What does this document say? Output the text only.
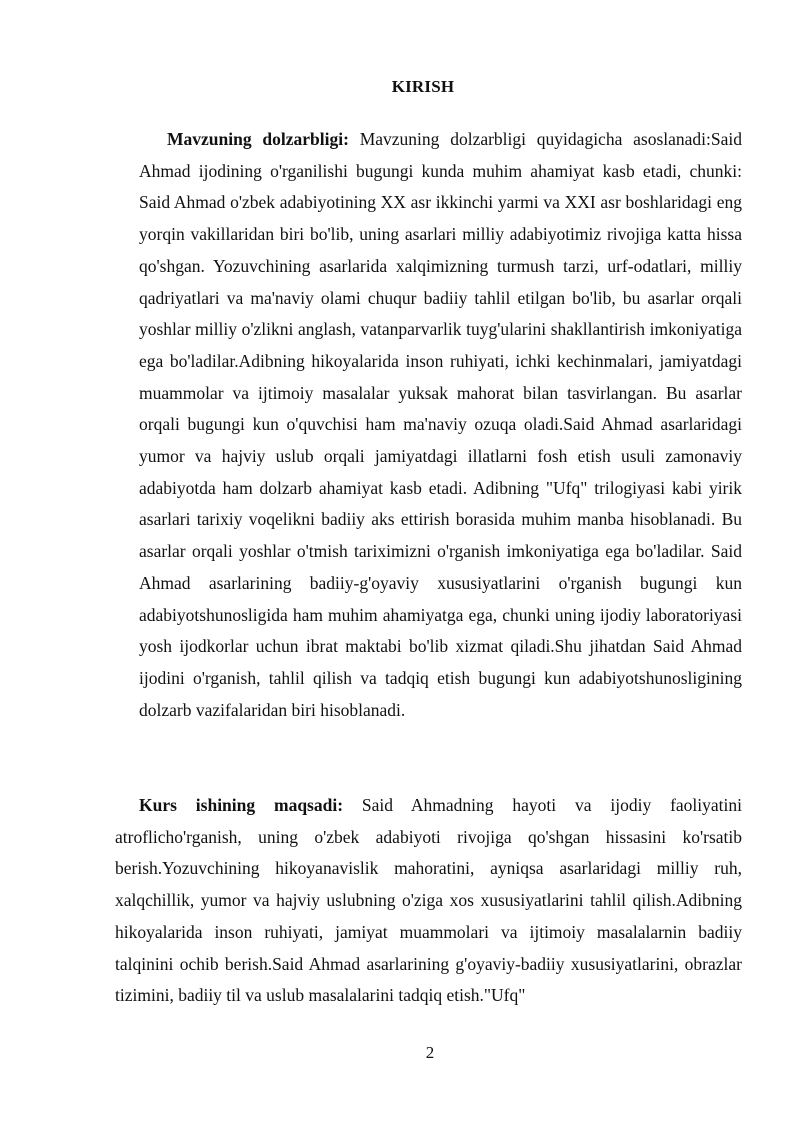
KIRISH

Mavzuning dolzarbligi: Mavzuning dolzarbligi quyidagicha asoslanadi:Said Ahmad ijodining o'rganilishi bugungi kunda muhim ahamiyat kasb etadi, chunki: Said Ahmad o'zbek adabiyotining XX asr ikkinchi yarmi va XXI asr boshlaridagi eng yorqin vakillaridan biri bo'lib, uning asarlari milliy adabiyotimiz rivojiga katta hissa qo'shgan. Yozuvchining asarlarida xalqimizning turmush tarzi, urf-odatlari, milliy qadriyatlari va ma'naviy olami chuqur badiiy tahlil etilgan bo'lib, bu asarlar orqali yoshlar milliy o'zlikni anglash, vatanparvarlik tuyg'ularini shakllantirish imkoniyatiga ega bo'ladilar.Adibning hikoyalarida inson ruhiyati, ichki kechinmalari, jamiyatdagi muammolar va ijtimoiy masalalar yuksak mahorat bilan tasvirlangan. Bu asarlar orqali bugungi kun o'quvchisi ham ma'naviy ozuqa oladi.Said Ahmad asarlaridagi yumor va hajviy uslub orqali jamiyatdagi illatlarni fosh etish usuli zamonaviy adabiyotda ham dolzarb ahamiyat kasb etadi. Adibning "Ufq" trilogiyasi kabi yirik asarlari tarixiy voqelikni badiiy aks ettirish borasida muhim manba hisoblanadi. Bu asarlar orqali yoshlar o'tmish tariximizni o'rganish imkoniyatiga ega bo'ladilar. Said Ahmad asarlarining badiiy-g'oyaviy xususiyatlarini o'rganish bugungi kun adabiyotshunosligida ham muhim ahamiyatga ega, chunki uning ijodiy laboratoriyasi yosh ijodkorlar uchun ibrat maktabi bo'lib xizmat qiladi.Shu jihatdan Said Ahmad ijodini o'rganish, tahlil qilish va tadqiq etish bugungi kun adabiyotshunosligining dolzarb vazifalaridan biri hisoblanadi.

Kurs ishining maqsadi: Said Ahmadning hayoti va ijodiy faoliyatini atroflicho'rganish, uning o'zbek adabiyoti rivojiga qo'shgan hissasini ko'rsatib berish.Yozuvchining hikoyanavislik mahoratini, ayniqsa asarlaridagi milliy ruh, xalqchillik, yumor va hajviy uslubning o'ziga xos xususiyatlarini tahlil qilish.Adibning hikoyalarida inson ruhiyati, jamiyat muammolari va ijtimoiy masalalarnin badiiy talqinini ochib berish.Said Ahmad asarlarining g'oyaviy-badiiy xususiyatlarini, obrazlar tizimini, badiiy til va uslub masalalarini tadqiq etish."Ufq"

2
